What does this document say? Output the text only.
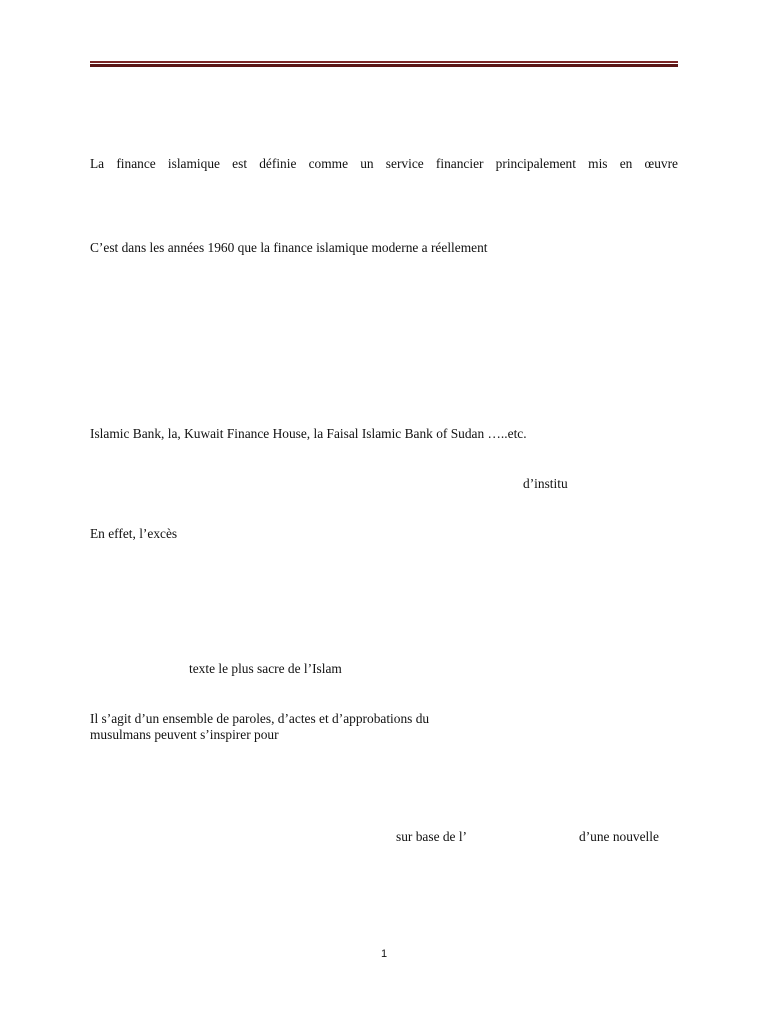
La finance islamique est définie comme un service financier principalement mis en œuvre
C’est dans les années 1960 que la finance islamique moderne a réellement
Islamic Bank, la, Kuwait Finance House, la Faisal Islamic Bank of Sudan …..etc.
d’institu
En effet, l’excès
texte le plus sacre de l’Islam
Il s’agit d’un ensemble de paroles, d’actes et d’approbations du
musulmans peuvent s’inspirer pour
sur base de l’	d’une nouvelle
1
